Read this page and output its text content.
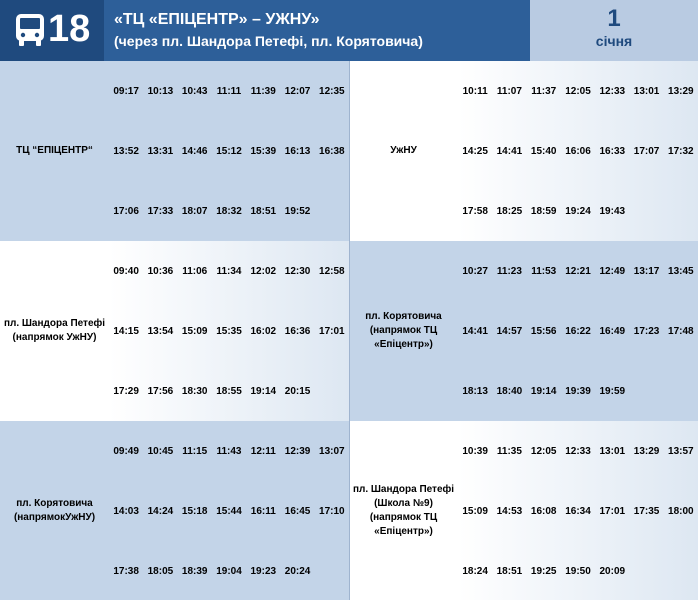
18 «ТЦ «ЕПІЦЕНТР» – УЖНУ»
(через пл. Шандора Петефі, пл. Корятовича)
1
січня
ТЦ “ЕПІЦЕНТР“
09:17 10:13 10:43 11:11 11:39 12:07 12:35
13:52 13:31 14:46 15:12 15:39 16:13 16:38
17:06 17:33 18:07 18:32 18:51 19:52
УжНУ
10:11 11:07 11:37 12:05 12:33 13:01 13:29
14:25 14:41 15:40 16:06 16:33 17:07 17:32
17:58 18:25 18:59 19:24 19:43
пл. Шандора Петефі
(напрямок УжНУ)
09:40 10:36 11:06 11:34 12:02 12:30 12:58
14:15 13:54 15:09 15:35 16:02 16:36 17:01
17:29 17:56 18:30 18:55 19:14 20:15
пл. Корятовича
(напрямок ТЦ
«Епіцентр»)
10:27 11:23 11:53 12:21 12:49 13:17 13:45
14:41 14:57 15:56 16:22 16:49 17:23 17:48
18:13 18:40 19:14 19:39 19:59
пл. Корятовича
(напрямокУжНУ)
09:49 10:45 11:15 11:43 12:11 12:39 13:07
14:03 14:24 15:18 15:44 16:11 16:45 17:10
17:38 18:05 18:39 19:04 19:23 20:24
пл. Шандора Петефі
(Школа №9)
(напрямок ТЦ
«Епіцентр»)
10:39 11:35 12:05 12:33 13:01 13:29 13:57
15:09 14:53 16:08 16:34 17:01 17:35 18:00
18:24 18:51 19:25 19:50 20:09
